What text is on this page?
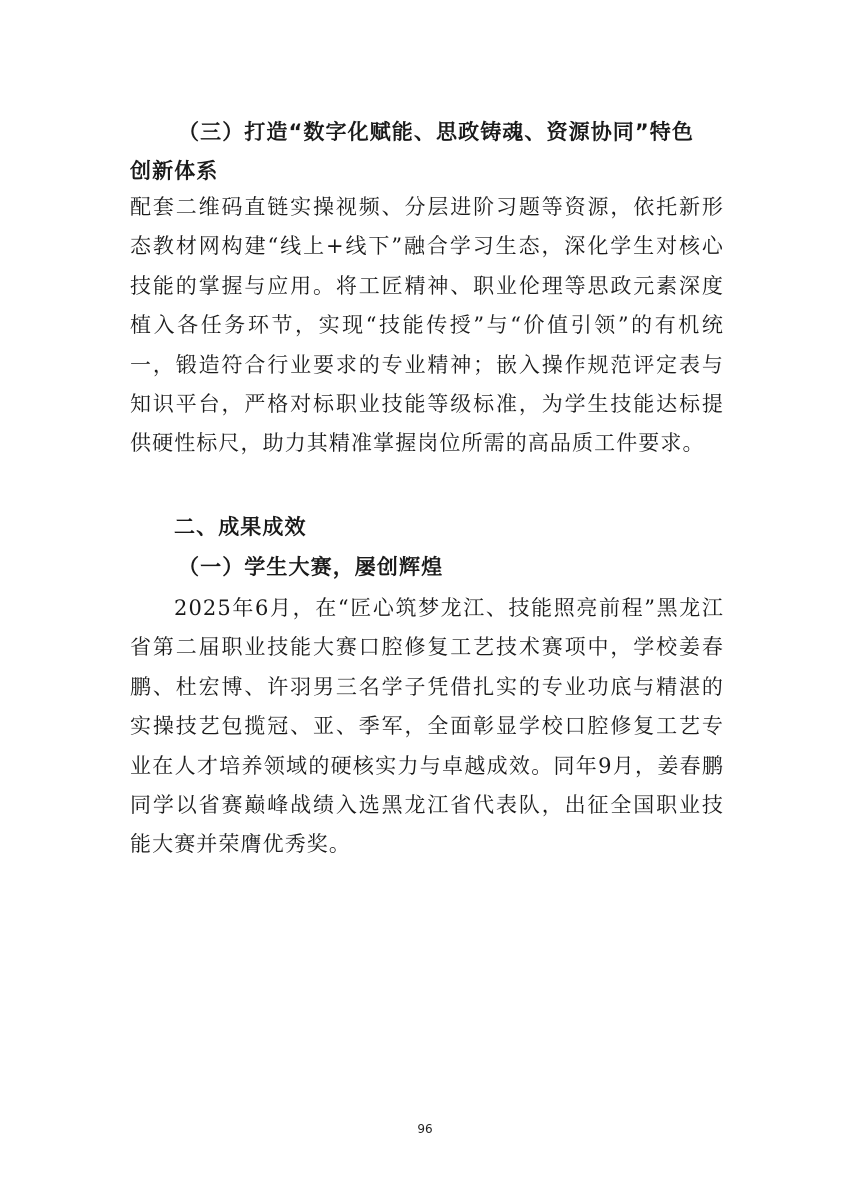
（三）打造“数字化赋能、思政铸魂、资源协同”特色
创新体系
配套二维码直链实操视频、分层进阶习题等资源，依托新形态教材网构建“线上+线下”融合学习生态，深化学生对核心技能的掌握与应用。将工匠精神、职业伦理等思政元素深度植入各任务环节，实现“技能传授”与“价值引领”的有机统一，锻造符合行业要求的专业精神；嵌入操作规范评定表与知识平台，严格对标职业技能等级标准，为学生技能达标提供硬性标尺，助力其精准掌握岗位所需的高品质工件要求。
二、成果成效
（一）学生大赛，屡创辉煌
2025年6月，在“匠心筑梦龙江、技能照亮前程”黑龙江省第二届职业技能大赛口腔修复工艺技术赛项中，学校姜春鹏、杜宏博、许羽男三名学子凭借扎实的专业功底与精湛的实操技艺包揽冠、亚、季军，全面彰显学校口腔修复工艺专业在人才培养领域的硬核实力与卓越成效。同年9月，姜春鹏同学以省赛巅峰战绩入选黑龙江省代表队，出征全国职业技能大赛并荣膺优秀奖。
96
